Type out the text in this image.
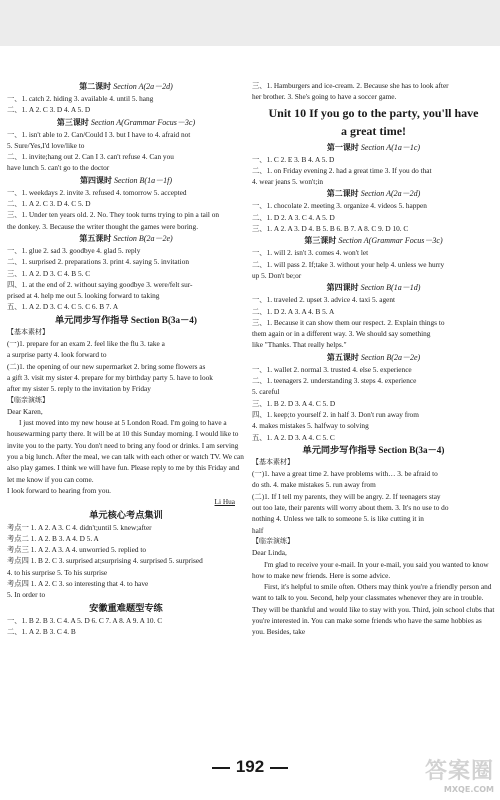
第二课时 Section A(2a－2d)
一、1. catch 2. hiding 3. available 4. until 5. hang
二、1. A 2. C 3. D 4. A 5. D
第三课时 Section A(Grammar Focus－3c)
一、1. isn't able to 2. Can/Could I 3. but I have to 4. afraid not
5. Sure/Yes,I'd love/like to
二、1. invite;hang out 2. Can I 3. can't refuse 4. Can you
have lunch 5. can't go to the doctor
第四课时 Section B(1a－1f)
一、1. weekdays 2. invite 3. refused 4. tomorrow 5. accepted
二、1. A 2. C 3. D 4. C 5. D
三、1. Under ten years old. 2. No. They took turns trying to pin a tail on
the donkey. 3. Because the writer thought the games were boring.
第五课时 Section B(2a－2e)
一、1. glue 2. sad 3. goodbye 4. glad 5. reply
二、1. surprised 2. preparations 3. print 4. saying 5. invitation
三、1. A 2. D 3. C 4. B 5. C
四、1. at the end of 2. without saying goodbye 3. were/felt sur-
prised at 4. help me out 5. looking forward to taking
五、1. A 2. D 3. C 4. C 5. C 6. B 7. A
单元同步写作指导 Section B(3a－4)
【基本素材】
(一)1. prepare for an exam 2. feel like the flu 3. take a
a surprise party 4. look forward to
(二)1. the opening of our new supermarket 2. bring some flowers as
a gift 3. visit my sister 4. prepare for my birthday party 5. have to look
after my sister 5. reply to the invitation by Friday
【临亲演练】
Dear Karen,
I just moved into my new house at 5 London Road. I'm going to have a housewarming party there. It will be at 10 this Sunday morning. I would like to invite you to the party. You don't need to bring any food or drinks. I am serving you a big lunch. After the meal, we can talk with each other or watch TV. We can also play games. I think we will have fun. Please reply to me by this Friday and let me know if you can come.
I look forward to hearing from you.
Li Hua
单元核心考点集训
考点一 1. A 2. A 3. C 4. didn't;until 5. knew;after
考点二 1. A 2. B 3. A 4. D 5. A
考点三 1. A 2. A 3. A 4. unworried 5. replied to
考点四 1. B 2. C 3. surprised at;surprising 4. surprised 5. surprised
4. to his surprise 5. To his surprise
考点四 1. A 2. C 3. so interesting that 4. to have
5. In order to
安徽重难题型专练
一、1. B 2. B 3. C 4. A 5. D 6. C 7. A 8. A 9. A 10. C
二、1. A 2. B 3. C 4. B
三、1. Hamburgers and ice-cream. 2. Because she has to look after
her brother. 3. She's going to have a soccer game.
Unit 10 If you go to the party, you'll have
a great time!
第一课时 Section A(1a－1c)
一、1. C 2. E 3. B 4. A 5. D
二、1. on Friday evening 2. had a great time 3. If you do that
4. wear jeans 5. won't;in
第二课时 Section A(2a－2d)
一、1. chocolate 2. meeting 3. organize 4. videos 5. happen
二、1. D 2. A 3. C 4. A 5. D
三、1. A 2. A 3. D 4. B 5. B 6. B 7. A 8. C 9. D 10. C
第三课时 Section A(Grammar Focus－3c)
一、1. will 2. isn't 3. comes 4. won't let
二、1. will pass 2. If;take 3. without your help 4. unless we hurry
up 5. Don't be;or
第四课时 Section B(1a－1d)
一、1. traveled 2. upset 3. advice 4. taxi 5. agent
二、1. D 2. A 3. A 4. B 5. A
三、1. Because it can show them our respect. 2. Explain things to
them again or in a different way. 3. We should say something
like "Thanks. That really helps."
第五课时 Section B(2a－2e)
一、1. wallet 2. normal 3. trusted 4. else 5. experience
二、1. teenagers 2. understanding 3. steps 4. experience
5. careful
三、1. B 2. D 3. A 4. C 5. D
四、1. keep;to yourself 2. in half 3. Don't run away from
4. makes mistakes 5. halfway to solving
五、1. A 2. D 3. A 4. C 5. C
单元同步写作指导 Section B(3a－4)
【基本素材】
(一)1. have a great time 2. have problems with… 3. be afraid to
do sth. 4. make mistakes 5. run away from
(二)1. If I tell my parents, they will be angry. 2. If teenagers stay
out too late, their parents will worry about them. 3. It's no use to do
nothing 4. Unless we talk to someone 5. is like cutting it in
half
【临亲演练】
Dear Linda,
I'm glad to receive your e-mail. In your e-mail, you said you wanted to know how to make new friends. Here is some advice.
First, it's helpful to smile often. Others may think you're a friendly person and want to talk to you. Second, help your classmates whenever they are in trouble. They will be thankful and would like to stay with you. Third, join school clubs that you're interested in. You can make some friends who have the same hobbies as you. Besides, take
192	答案圈
MXQE.COM
